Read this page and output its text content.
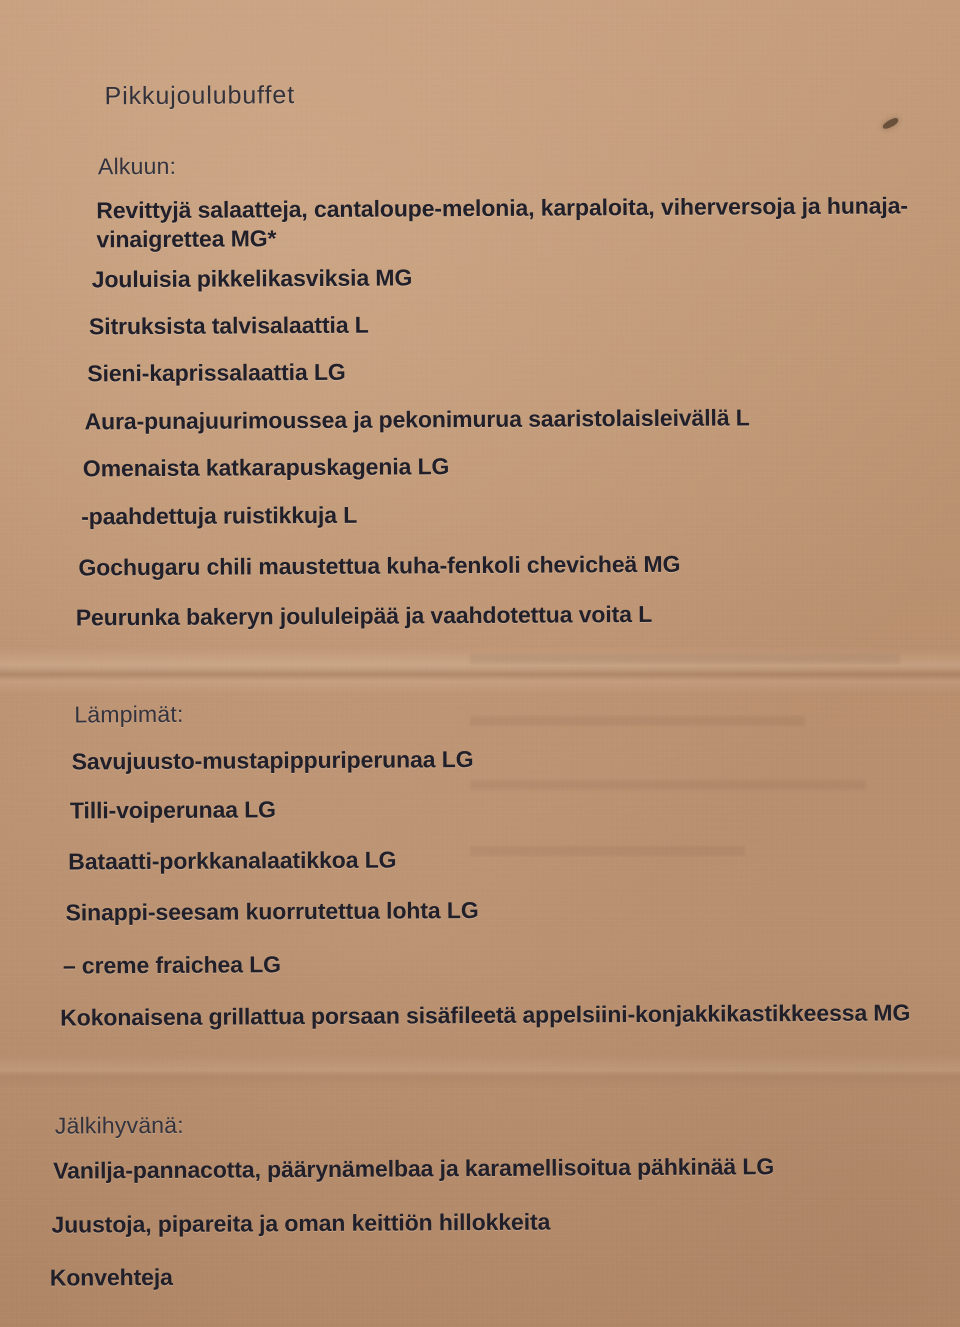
Pikkujoulubuffet
Alkuun:
Revittyjä salaatteja, cantaloupe-melonia, karpaloita, viherversoja ja hunaja-
vinaigrettea MG*
Jouluisia pikkelikasviksia MG
Sitruksista talvisalaattia L
Sieni-kaprissalaattia LG
Aura-punajuurimoussea ja pekonimurua saaristolaisleivällä L
Omenaista katkarapuskagenia LG
-paahdettuja ruistikkuja L
Gochugaru chili maustettua kuha-fenkoli chevicheä MG
Peurunka bakeryn joululeipää ja vaahdotettua voita L
Lämpimät:
Savujuusto-mustapippuriperunaa LG
Tilli-voiperunaa LG
Bataatti-porkkanalaatikkoa LG
Sinappi-seesam kuorrutettua lohta LG
– creme fraichea LG
Kokonaisena grillattua porsaan sisäfileetä appelsiini-konjakkikastikkeessa MG
Jälkihyvänä:
Vanilja-pannacotta, päärynämelbaa ja karamellisoitua pähkinää LG
Juustoja, pipareita ja oman keittiön hillokkeita
Konvehteja
